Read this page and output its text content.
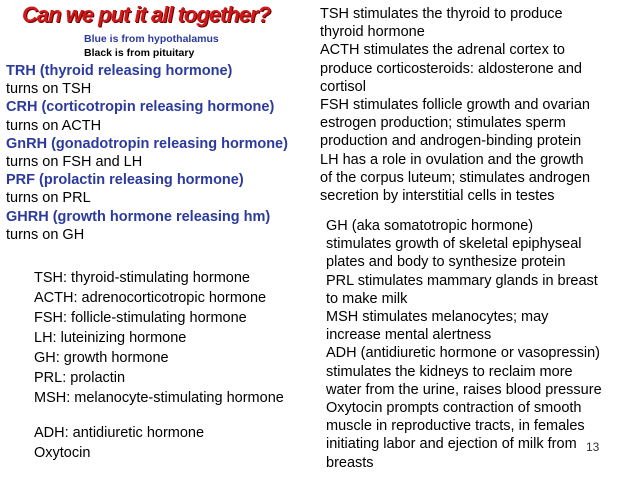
Can we put it all together?
Blue is from hypothalamus
Black is from pituitary
TRH (thyroid releasing hormone)
turns on TSH
CRH (corticotropin releasing hormone)
turns on ACTH
GnRH (gonadotropin releasing hormone)
turns on FSH and LH
PRF (prolactin releasing hormone)
turns on PRL
GHRH (growth hormone releasing hm)
turns on GH
TSH: thyroid-stimulating hormone
ACTH: adrenocorticotropic hormone
FSH: follicle-stimulating hormone
LH: luteinizing hormone
GH: growth hormone
PRL: prolactin
MSH: melanocyte-stimulating hormone
ADH: antidiuretic hormone
Oxytocin
TSH stimulates the thyroid to produce
thyroid hormone
ACTH stimulates the adrenal cortex to
produce corticosteroids: aldosterone and
cortisol
FSH stimulates follicle growth and ovarian
estrogen production; stimulates sperm
production and androgen-binding protein
LH has a role in ovulation and the growth
of the corpus luteum; stimulates androgen
secretion by interstitial cells in testes
GH (aka somatotropic hormone)
stimulates growth of skeletal epiphyseal
plates and body to synthesize protein
PRL stimulates mammary glands in breast
to make milk
MSH stimulates melanocytes; may
increase mental alertness
ADH (antidiuretic hormone or vasopressin)
stimulates the kidneys to reclaim more
water from the urine, raises blood pressure
Oxytocin prompts contraction of smooth
muscle in reproductive tracts, in females
initiating labor and ejection of milk from
breasts
13
